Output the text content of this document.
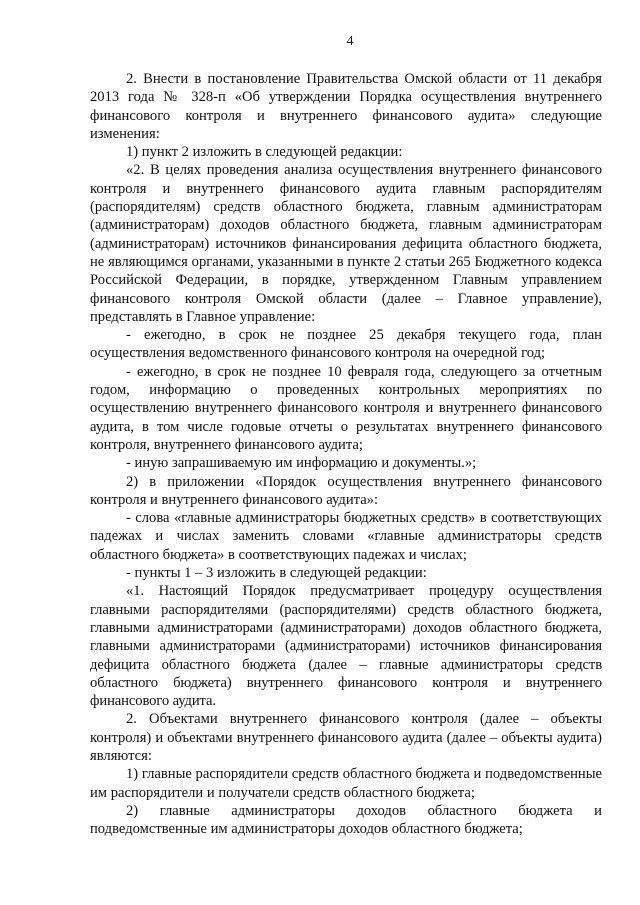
4

2. Внести в постановление Правительства Омской области от 11 декабря 2013 года № 328-п «Об утверждении Порядка осуществления внутреннего финансового контроля и внутреннего финансового аудита» следующие изменения:

1) пункт 2 изложить в следующей редакции:

«2. В целях проведения анализа осуществления внутреннего финансового контроля и внутреннего финансового аудита главным распорядителям (распорядителям) средств областного бюджета, главным администраторам (администраторам) доходов областного бюджета, главным администраторам (администраторам) источников финансирования дефицита областного бюджета, не являющимся органами, указанными в пункте 2 статьи 265 Бюджетного кодекса Российской Федерации, в порядке, утвержденном Главным управлением финансового контроля Омской области (далее – Главное управление), представлять в Главное управление:

- ежегодно, в срок не позднее 25 декабря текущего года, план осуществления ведомственного финансового контроля на очередной год;

- ежегодно, в срок не позднее 10 февраля года, следующего за отчетным годом, информацию о проведенных контрольных мероприятиях по осуществлению внутреннего финансового контроля и внутреннего финансового аудита, в том числе годовые отчеты о результатах внутреннего финансового контроля, внутреннего финансового аудита;

- иную запрашиваемую им информацию и документы.»;

2) в приложении «Порядок осуществления внутреннего финансового контроля и внутреннего финансового аудита»:

- слова «главные администраторы бюджетных средств» в соответствующих падежах и числах заменить словами «главные администраторы средств областного бюджета» в соответствующих падежах и числах;

- пункты 1 – 3 изложить в следующей редакции:

«1. Настоящий Порядок предусматривает процедуру осуществления главными распорядителями (распорядителями) средств областного бюджета, главными администраторами (администраторами) доходов областного бюджета, главными администраторами (администраторами) источников финансирования дефицита областного бюджета (далее – главные администраторы средств областного бюджета) внутреннего финансового контроля и внутреннего финансового аудита.

2. Объектами внутреннего финансового контроля (далее – объекты контроля) и объектами внутреннего финансового аудита (далее – объекты аудита) являются:

1) главные распорядители средств областного бюджета и подведомственные им распорядители и получатели средств областного бюджета;

2) главные администраторы доходов областного бюджета и подведомственные им администраторы доходов областного бюджета;
